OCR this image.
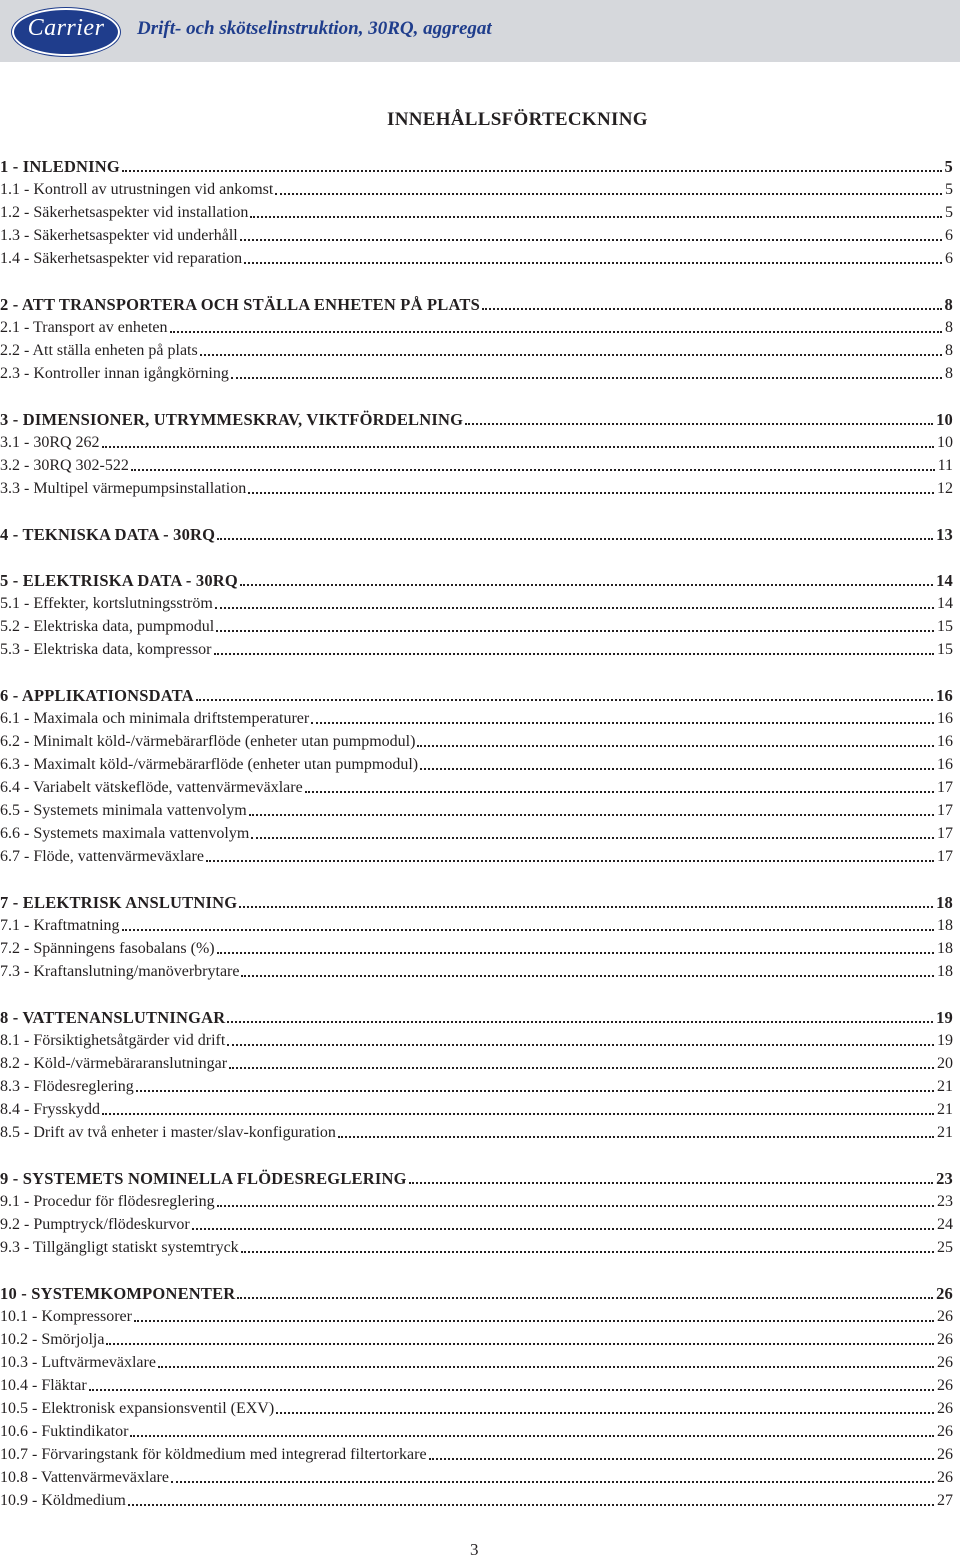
Carrier	Drift- och skötselinstruktion, 30RQ, aggregat
INNEHÅLLSFÖRTECKNING
1 - INLEDNING	5
1.1 - Kontroll av utrustningen vid ankomst	5
1.2 - Säkerhetsaspekter vid installation	5
1.3 - Säkerhetsaspekter vid underhåll	6
1.4 - Säkerhetsaspekter vid reparation	6
2 - ATT TRANSPORTERA OCH STÄLLA ENHETEN PÅ PLATS	8
2.1 - Transport av enheten	8
2.2 - Att ställa enheten på plats	8
2.3 - Kontroller innan igångkörning	8
3 - DIMENSIONER, UTRYMMESKRAV, VIKTFÖRDELNING	10
3.1 - 30RQ 262	10
3.2 - 30RQ 302-522	11
3.3 - Multipel värmepumpsinstallation	12
4 - TEKNISKA DATA - 30RQ	13
5 - ELEKTRISKA DATA - 30RQ	14
5.1 - Effekter, kortslutningsström	14
5.2 - Elektriska data, pumpmodul	15
5.3 - Elektriska data, kompressor	15
6 - APPLIKATIONSDATA	16
6.1 - Maximala och minimala driftstemperaturer	16
6.2 - Minimalt köld-/värmebärarflöde (enheter utan pumpmodul)	16
6.3 - Maximalt köld-/värmebärarflöde (enheter utan pumpmodul)	16
6.4 - Variabelt vätskeflöde, vattenvärmeväxlare	17
6.5 - Systemets minimala vattenvolym	17
6.6 - Systemets maximala vattenvolym	17
6.7 - Flöde, vattenvärmeväxlare	17
7 - ELEKTRISK ANSLUTNING	18
7.1 - Kraftmatning	18
7.2 - Spänningens fasobalans (%)	18
7.3 - Kraftanslutning/manöverbrytare	18
8 - VATTENANSLUTNINGAR	19
8.1 - Försiktighetsåtgärder vid drift	19
8.2 - Köld-/värmebäraranslutningar	20
8.3 - Flödesreglering	21
8.4 - Frysskydd	21
8.5 - Drift av två enheter i master/slav-konfiguration	21
9 - SYSTEMETS NOMINELLA FLÖDESREGLERING	23
9.1 - Procedur för flödesreglering	23
9.2 - Pumptryck/flödeskurvor	24
9.3 - Tillgängligt statiskt systemtryck	25
10 - SYSTEMKOMPONENTER	26
10.1 - Kompressorer	26
10.2 - Smörjolja	26
10.3 - Luftvärmeväxlare	26
10.4 - Fläktar	26
10.5 - Elektronisk expansionsventil (EXV)	26
10.6 - Fuktindikator	26
10.7 - Förvaringstank för köldmedium med integrerad filtertorkare	26
10.8 - Vattenvärmeväxlare	26
10.9 - Köldmedium	27
3
